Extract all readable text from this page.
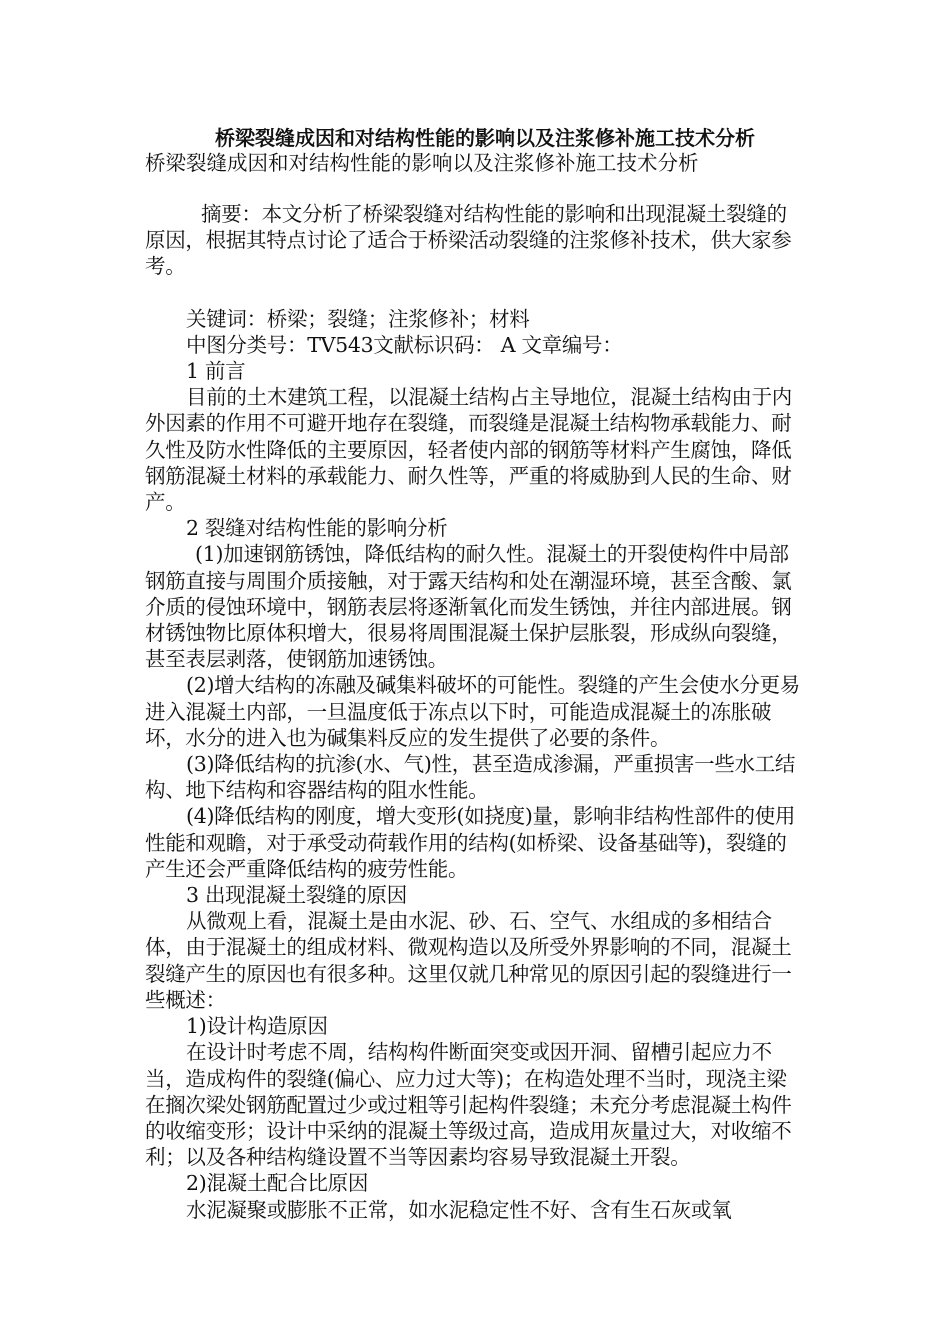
桥梁裂缝成因和对结构性能的影响以及注浆修补施工技术分析
桥梁裂缝成因和对结构性能的影响以及注浆修补施工技术分析

摘要：本文分析了桥梁裂缝对结构性能的影响和出现混凝土裂缝的原因，根据其特点讨论了适合于桥梁活动裂缝的注浆修补技术，供大家参考。

关键词：桥梁；裂缝；注浆修补；材料

中图分类号：TV543文献标识码： A 文章编号：

1 前言

目前的土木建筑工程，以混凝土结构占主导地位，混凝土结构由于内外因素的作用不可避开地存在裂缝，而裂缝是混凝土结构物承载能力、耐久性及防水性降低的主要原因，轻者使内部的钢筋等材料产生腐蚀，降低钢筋混凝土材料的承载能力、耐久性等，严重的将威胁到人民的生命、财产。

2 裂缝对结构性能的影响分析

(1)加速钢筋锈蚀，降低结构的耐久性。混凝土的开裂使构件中局部钢筋直接与周围介质接触，对于露天结构和处在潮湿环境，甚至含酸、氯介质的侵蚀环境中，钢筋表层将逐渐氧化而发生锈蚀，并往内部进展。钢材锈蚀物比原体积增大，很易将周围混凝土保护层胀裂，形成纵向裂缝，甚至表层剥落，使钢筋加速锈蚀。

(2)增大结构的冻融及碱集料破坏的可能性。裂缝的产生会使水分更易进入混凝土内部，一旦温度低于冻点以下时，可能造成混凝土的冻胀破坏，水分的进入也为碱集料反应的发生提供了必要的条件。

(3)降低结构的抗渗(水、气)性，甚至造成渗漏，严重损害一些水工结构、地下结构和容器结构的阻水性能。

(4)降低结构的刚度，增大变形(如挠度)量，影响非结构性部件的使用性能和观瞻，对于承受动荷载作用的结构(如桥梁、设备基础等)，裂缝的产生还会严重降低结构的疲劳性能。

3 出现混凝土裂缝的原因

从微观上看，混凝土是由水泥、砂、石、空气、水组成的多相结合体，由于混凝土的组成材料、微观构造以及所受外界影响的不同，混凝土裂缝产生的原因也有很多种。这里仅就几种常见的原因引起的裂缝进行一些概述：

1)设计构造原因

在设计时考虑不周，结构构件断面突变或因开洞、留槽引起应力不当，造成构件的裂缝(偏心、应力过大等)；在构造处理不当时，现浇主梁在搁次梁处钢筋配置过少或过粗等引起构件裂缝；未充分考虑混凝土构件的收缩变形；设计中采纳的混凝土等级过高，造成用灰量过大，对收缩不利；以及各种结构缝设置不当等因素均容易导致混凝土开裂。

2)混凝土配合比原因

水泥凝聚或膨胀不正常，如水泥稳定性不好、含有生石灰或氧
